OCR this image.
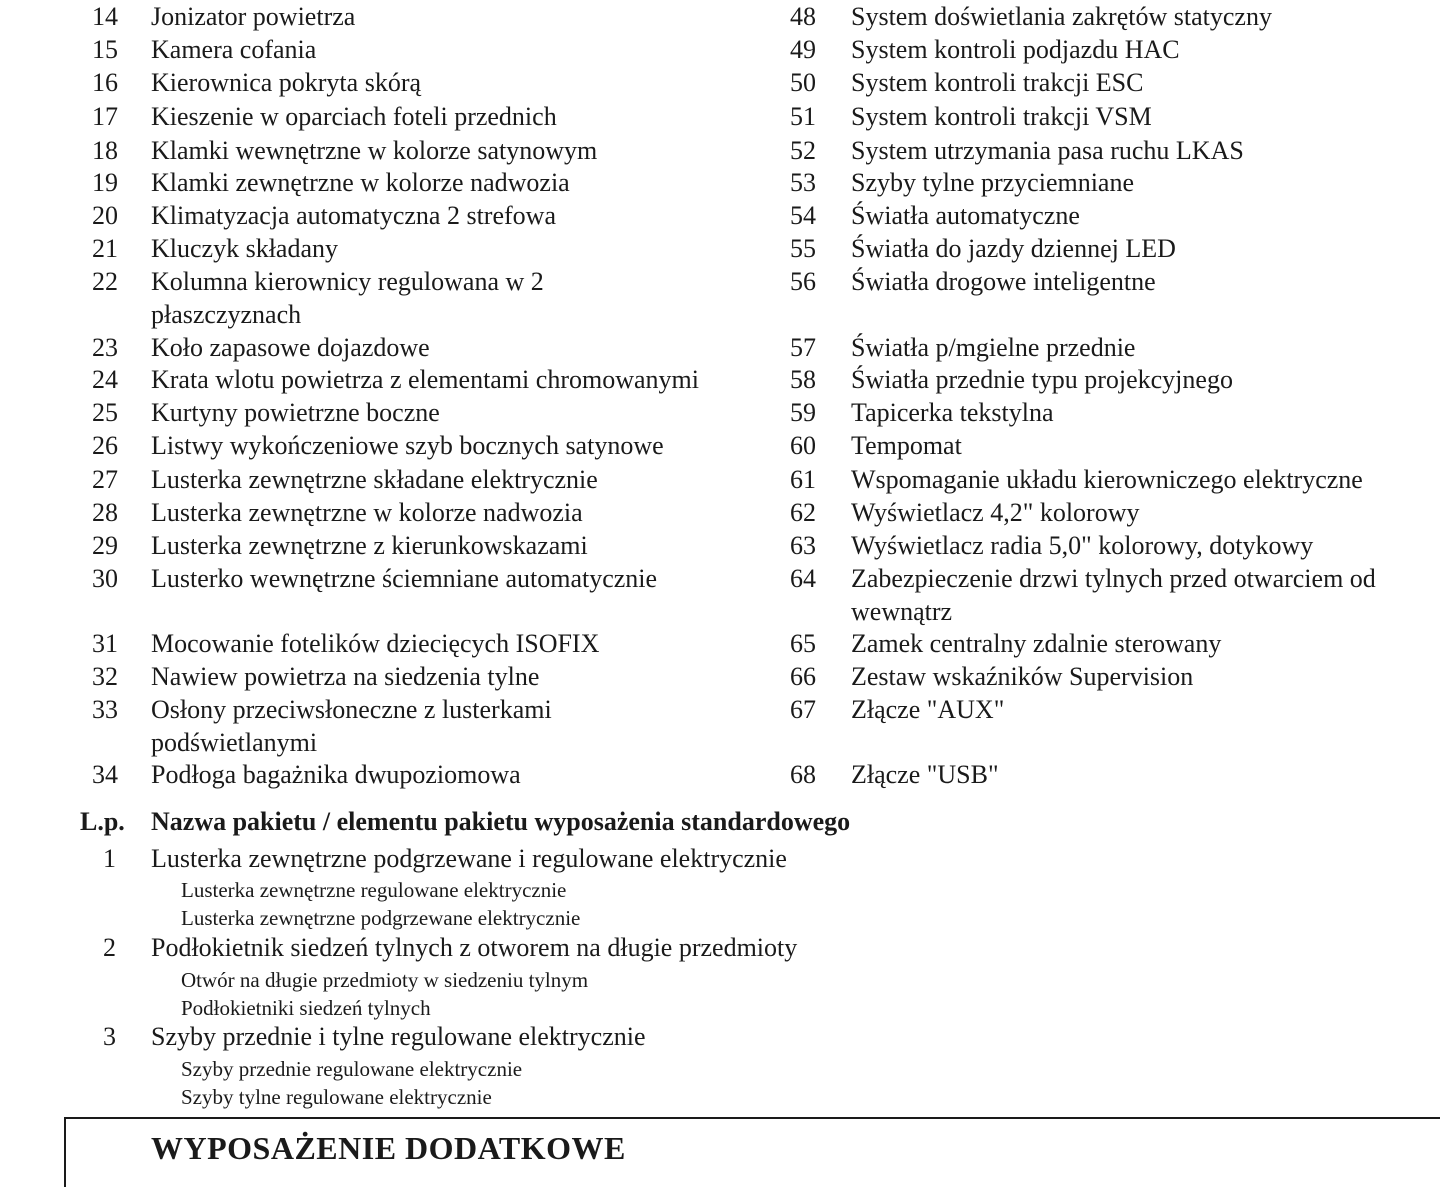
14 Jonizator powietrza
15 Kamera cofania
16 Kierownica pokryta skórą
17 Kieszenie w oparciach foteli przednich
18 Klamki wewnętrzne w kolorze satynowym
19 Klamki zewnętrzne w kolorze nadwozia
20 Klimatyzacja automatyczna 2 strefowa
21 Kluczyk składany
22 Kolumna kierownicy regulowana w 2
płaszczyznach
23 Koło zapasowe dojazdowe
24 Krata wlotu powietrza z elementami chromowanymi
25 Kurtyny powietrzne boczne
26 Listwy wykończeniowe szyb bocznych satynowe
27 Lusterka zewnętrzne składane elektrycznie
28 Lusterka zewnętrzne w kolorze nadwozia
29 Lusterka zewnętrzne z kierunkowskazami
30 Lusterko wewnętrzne ściemniane automatycznie
31 Mocowanie fotelików dziecięcych ISOFIX
32 Nawiew powietrza na siedzenia tylne
33 Osłony przeciwsłoneczne z lusterkami
podświetlanymi
34 Podłoga bagażnika dwupoziomowa
48 System doświetlania zakrętów statyczny
49 System kontroli podjazdu HAC
50 System kontroli trakcji ESC
51 System kontroli trakcji VSM
52 System utrzymania pasa ruchu LKAS
53 Szyby tylne przyciemniane
54 Światła automatyczne
55 Światła do jazdy dziennej LED
56 Światła drogowe inteligentne
57 Światła p/mgielne przednie
58 Światła przednie typu projekcyjnego
59 Tapicerka tekstylna
60 Tempomat
61 Wspomaganie układu kierowniczego elektryczne
62 Wyświetlacz 4,2" kolorowy
63 Wyświetlacz radia 5,0" kolorowy, dotykowy
64 Zabezpieczenie drzwi tylnych przed otwarciem od
wewnątrz
65 Zamek centralny zdalnie sterowany
66 Zestaw wskaźników Supervision
67 Złącze "AUX"
68 Złącze "USB"
L.p. Nazwa pakietu / elementu pakietu wyposażenia standardowego
1 Lusterka zewnętrzne podgrzewane i regulowane elektrycznie
Lusterka zewnętrzne regulowane elektrycznie
Lusterka zewnętrzne podgrzewane elektrycznie
2 Podłokietnik siedzeń tylnych z otworem na długie przedmioty
Otwór na długie przedmioty w siedzeniu tylnym
Podłokietniki siedzeń tylnych
3 Szyby przednie i tylne regulowane elektrycznie
Szyby przednie regulowane elektrycznie
Szyby tylne regulowane elektrycznie
WYPOSAŻENIE DODATKOWE
